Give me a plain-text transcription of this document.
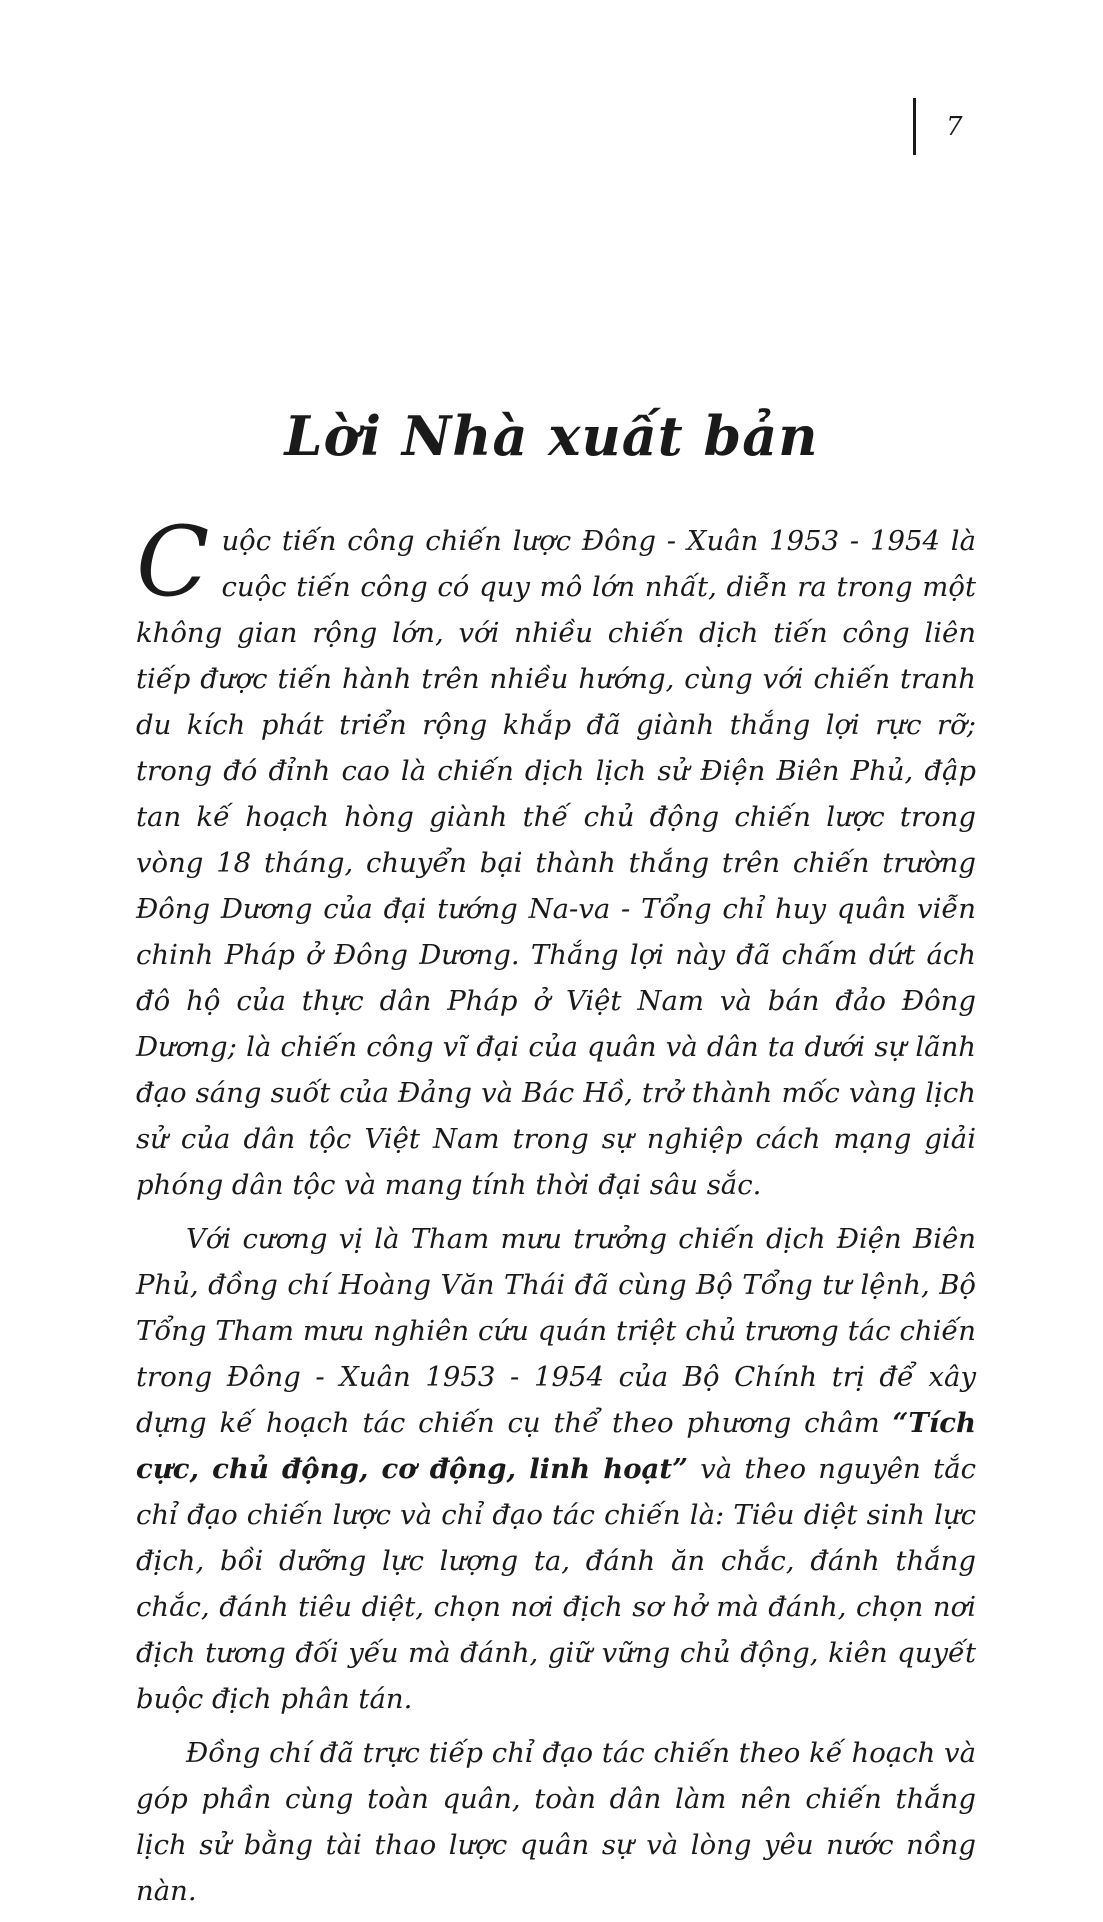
7
Lời Nhà xuất bản

Cuộc tiến công chiến lược Đông - Xuân 1953 - 1954 là cuộc tiến công có quy mô lớn nhất, diễn ra trong một không gian rộng lớn, với nhiều chiến dịch tiến công liên tiếp được tiến hành trên nhiều hướng, cùng với chiến tranh du kích phát triển rộng khắp đã giành thắng lợi rực rỡ; trong đó đỉnh cao là chiến dịch lịch sử Điện Biên Phủ, đập tan kế hoạch hòng giành thế chủ động chiến lược trong vòng 18 tháng, chuyển bại thành thắng trên chiến trường Đông Dương của đại tướng Na-va - Tổng chỉ huy quân viễn chinh Pháp ở Đông Dương. Thắng lợi này đã chấm dứt ách đô hộ của thực dân Pháp ở Việt Nam và bán đảo Đông Dương; là chiến công vĩ đại của quân và dân ta dưới sự lãnh đạo sáng suốt của Đảng và Bác Hồ, trở thành mốc vàng lịch sử của dân tộc Việt Nam trong sự nghiệp cách mạng giải phóng dân tộc và mang tính thời đại sâu sắc.

Với cương vị là Tham mưu trưởng chiến dịch Điện Biên Phủ, đồng chí Hoàng Văn Thái đã cùng Bộ Tổng tư lệnh, Bộ Tổng Tham mưu nghiên cứu quán triệt chủ trương tác chiến trong Đông - Xuân 1953 - 1954 của Bộ Chính trị để xây dựng kế hoạch tác chiến cụ thể theo phương châm “Tích cực, chủ động, cơ động, linh hoạt” và theo nguyên tắc chỉ đạo chiến lược và chỉ đạo tác chiến là: Tiêu diệt sinh lực địch, bồi dưỡng lực lượng ta, đánh ăn chắc, đánh thắng chắc, đánh tiêu diệt, chọn nơi địch sơ hở mà đánh, chọn nơi địch tương đối yếu mà đánh, giữ vững chủ động, kiên quyết buộc địch phân tán.

Đồng chí đã trực tiếp chỉ đạo tác chiến theo kế hoạch và góp phần cùng toàn quân, toàn dân làm nên chiến thắng lịch sử bằng tài thao lược quân sự và lòng yêu nước nồng nàn.
